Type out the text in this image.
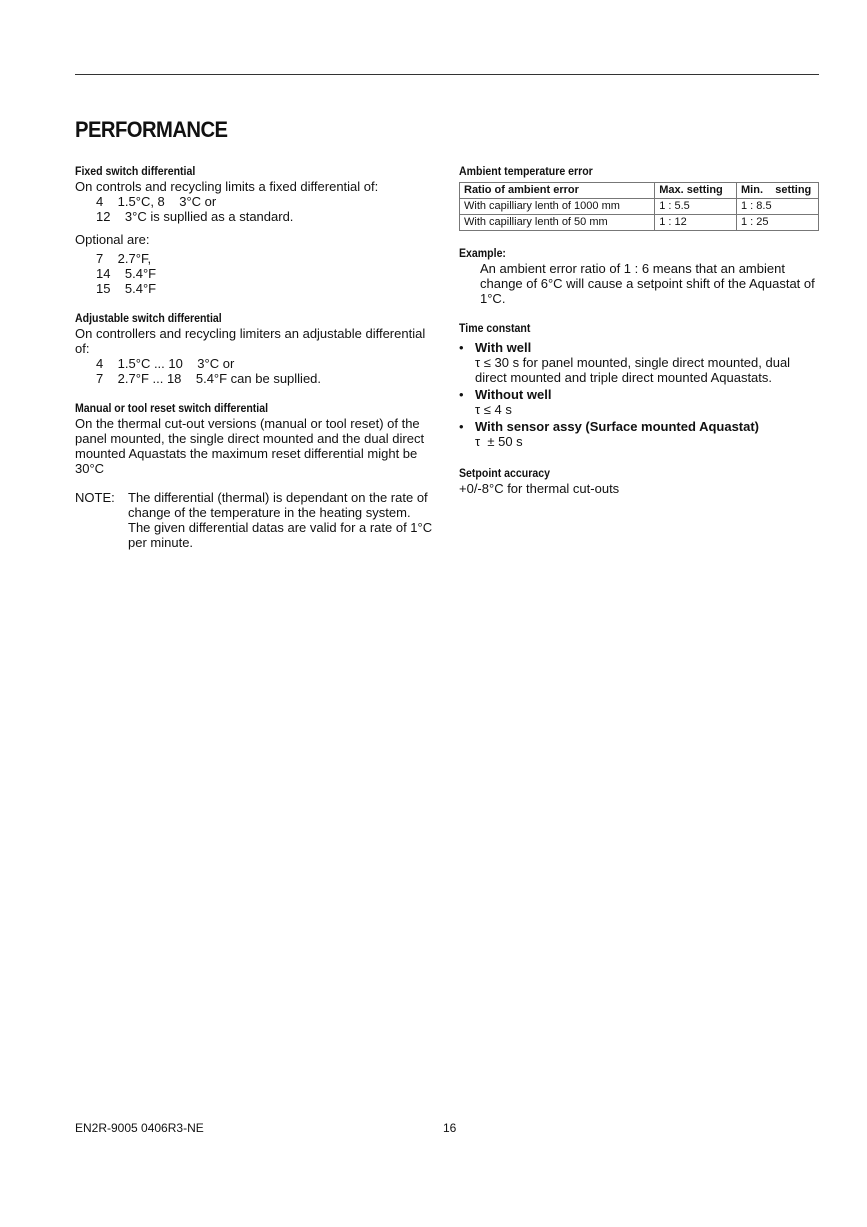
PERFORMANCE

Fixed switch differential

On controls and recycling limits a fixed differential of:

4    1.5°C, 8    3°C or
12    3°C is supllied as a standard.

Optional are:

7    2.7°F,
14    5.4°F
15    5.4°F

Adjustable switch differential

On controllers and recycling limiters an adjustable differential of:

4    1.5°C ... 10    3°C or
7    2.7°F ... 18    5.4°F can be supllied.

Manual or tool reset switch differential

On the thermal cut-out versions (manual or tool reset) of the panel mounted, the single direct mounted and the dual direct mounted Aquastats the maximum reset differential might be 30°C

NOTE:	The differential (thermal) is dependant on the rate of change of the temperature in the heating system. The given differential datas are valid for a rate of 1°C per minute.

Ambient temperature error

Ratio of ambient error	Max. setting	Min.    setting
With capilliary lenth of 1000 mm	1 : 5.5	1 : 8.5
With capilliary lenth of 50 mm	1 : 12	1 : 25

Example:

An ambient error ratio of 1 : 6 means that an ambient change of 6°C will cause a setpoint shift of the Aquastat of 1°C.

Time constant

• With well
τ ≤ 30 s for panel mounted, single direct mounted, dual direct mounted and triple direct mounted Aquastats.
• Without well
τ ≤ 4 s
• With sensor assy (Surface mounted Aquastat)
τ  ± 50 s

Setpoint accuracy

+0/-8°C for thermal cut-outs

EN2R-9005 0406R3-NE	16
